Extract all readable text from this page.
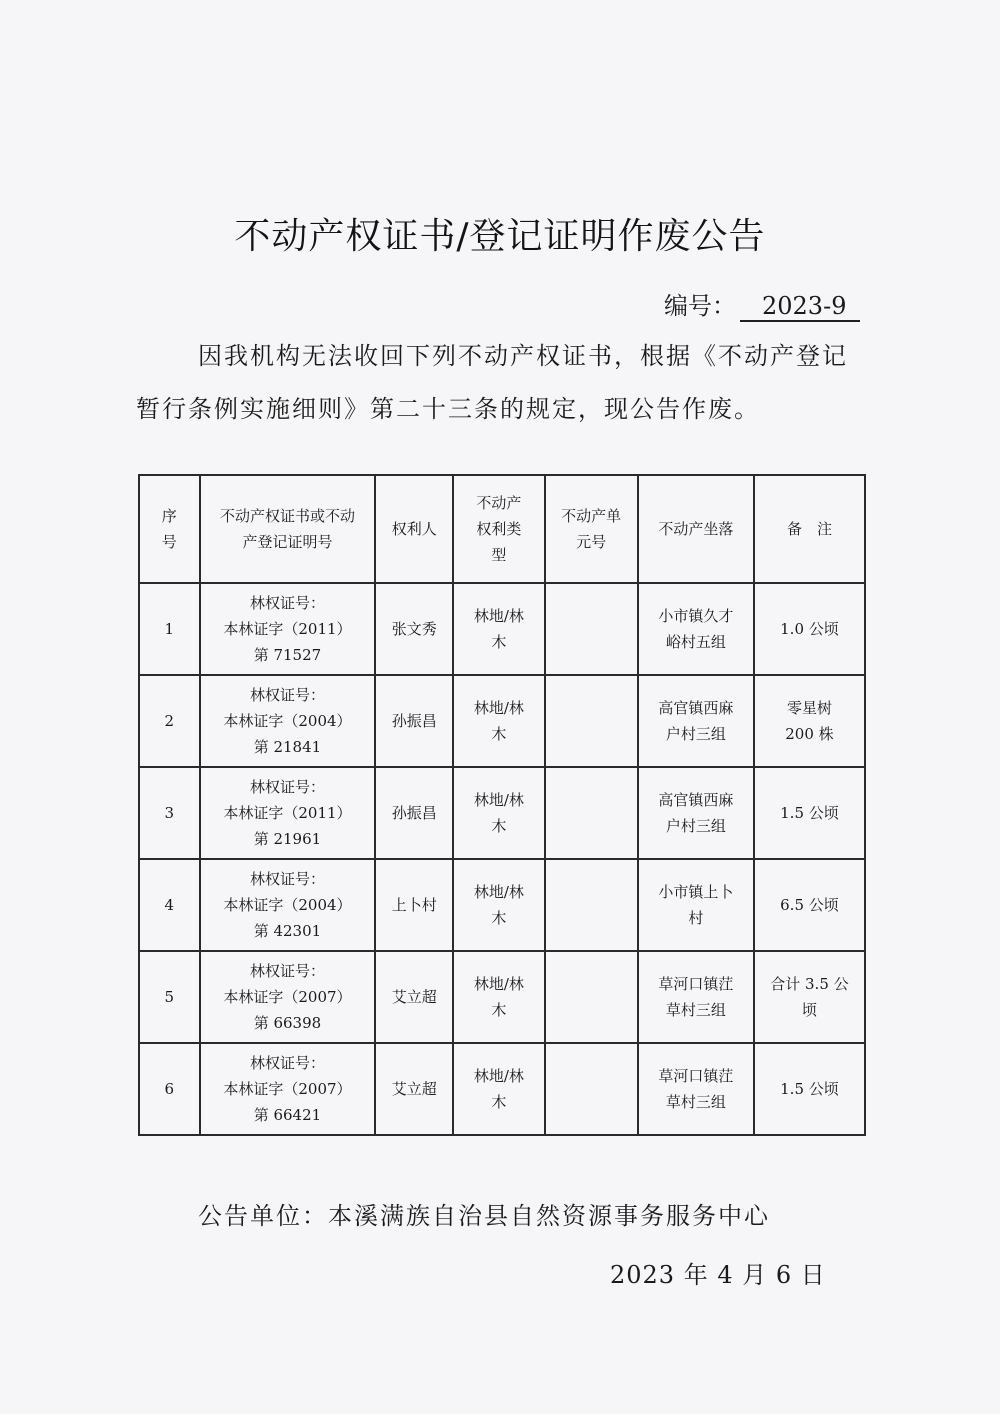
不动产权证书/登记证明作废公告
编号： 2023-9
因我机构无法收回下列不动产权证书，根据《不动产登记暂行条例实施细则》第二十三条的规定，现公告作废。
序
号	不动产权证书或不动
产登记证明号	权利人	不动产
权利类
型	不动产单
元号	不动产坐落	备　注
1	林权证号：
本林证字（2011）
第 71527	张文秀	林地/林
木		小市镇久才
峪村五组	1.0 公顷
2	林权证号：
本林证字（2004）
第 21841	孙振昌	林地/林
木		高官镇西麻
户村三组	零星树
200 株
3	林权证号：
本林证字（2011）
第 21961	孙振昌	林地/林
木		高官镇西麻
户村三组	1.5 公顷
4	林权证号：
本林证字（2004）
第 42301	上卜村	林地/林
木		小市镇上卜
村	6.5 公顷
5	林权证号：
本林证字（2007）
第 66398	艾立超	林地/林
木		草河口镇茳
草村三组	合计 3.5 公
顷
6	林权证号：
本林证字（2007）
第 66421	艾立超	林地/林
木		草河口镇茳
草村三组	1.5 公顷
公告单位：本溪满族自治县自然资源事务服务中心
2023 年 4 月 6 日
